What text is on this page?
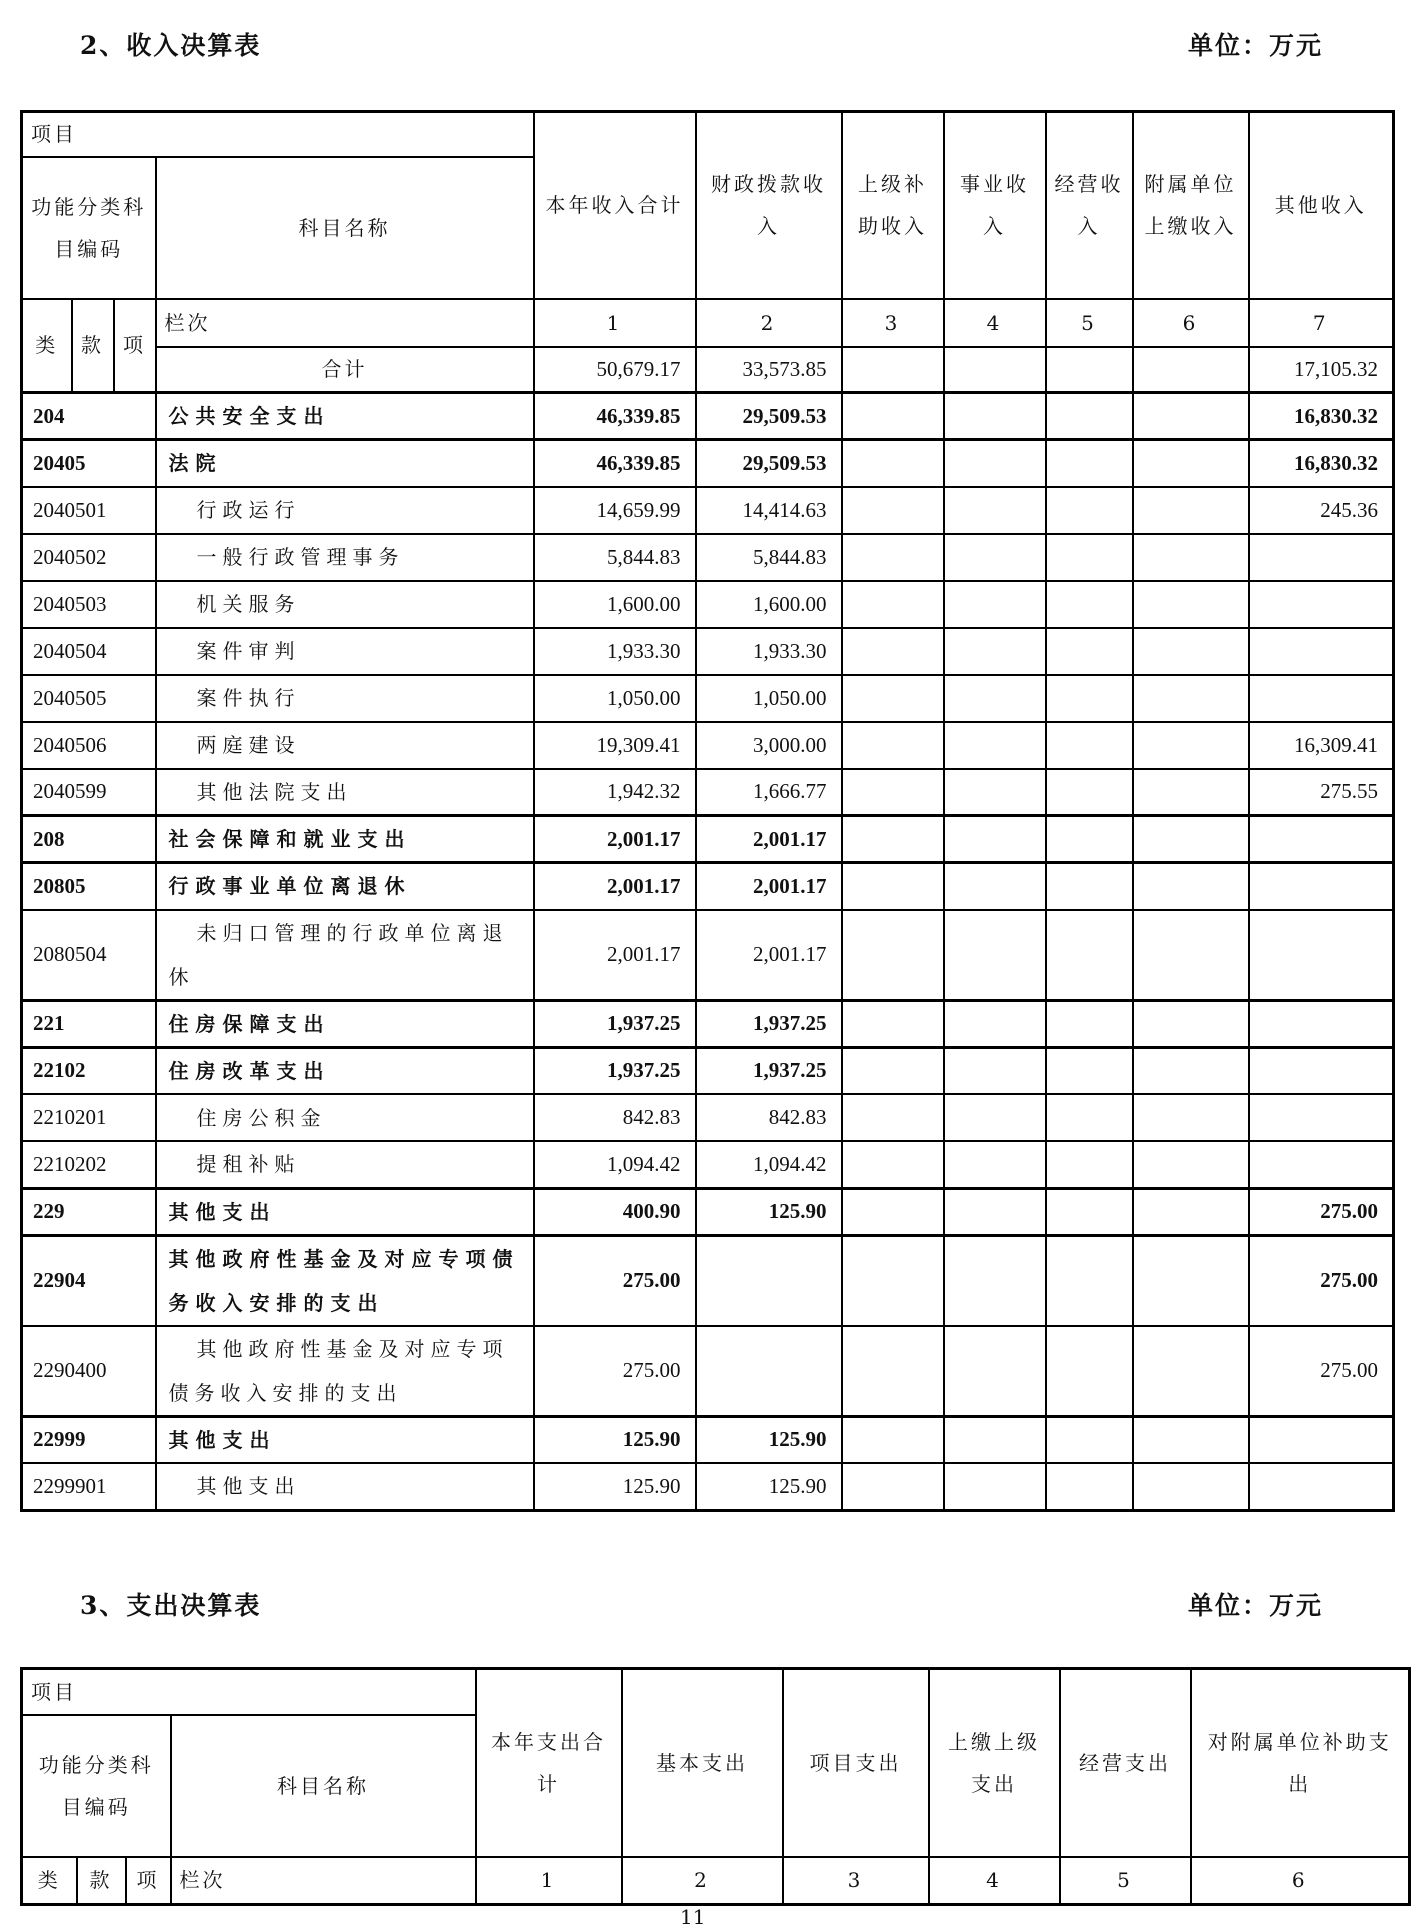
2、收入决算表	单位：万元
项目				本年收入合计	财政拨款收入	上级补助收入	事业收入	经营收入	附属单位上缴收入	其他收入
功能分类科目编码			科目名称							
类	款	项	栏次	1	2	3	4	5	6	7
			合计	50,679.17	33,573.85					17,105.32
204			公共安全支出	46,339.85	29,509.53					16,830.32
20405			法院	46,339.85	29,509.53					16,830.32
2040501			行政运行	14,659.99	14,414.63					245.36
2040502			一般行政管理事务	5,844.83	5,844.83					
2040503			机关服务	1,600.00	1,600.00					
2040504			案件审判	1,933.30	1,933.30					
2040505			案件执行	1,050.00	1,050.00					
2040506			两庭建设	19,309.41	3,000.00					16,309.41
2040599			其他法院支出	1,942.32	1,666.77					275.55
208			社会保障和就业支出	2,001.17	2,001.17					
20805			行政事业单位离退休	2,001.17	2,001.17					
2080504			未归口管理的行政单位离退休	2,001.17	2,001.17					
221			住房保障支出	1,937.25	1,937.25					
22102			住房改革支出	1,937.25	1,937.25					
2210201			住房公积金	842.83	842.83					
2210202			提租补贴	1,094.42	1,094.42					
229			其他支出	400.90	125.90					275.00
22904			其他政府性基金及对应专项债务收入安排的支出	275.00						275.00
2290400			其他政府性基金及对应专项债务收入安排的支出	275.00						275.00
22999			其他支出	125.90	125.90					
2299901			其他支出	125.90	125.90					
3、支出决算表	单位：万元
项目				本年支出合计	基本支出	项目支出	上缴上级支出	经营支出	对附属单位补助支出
功能分类科目编码			科目名称						
类	款	项	栏次	1	2	3	4	5	6
11
